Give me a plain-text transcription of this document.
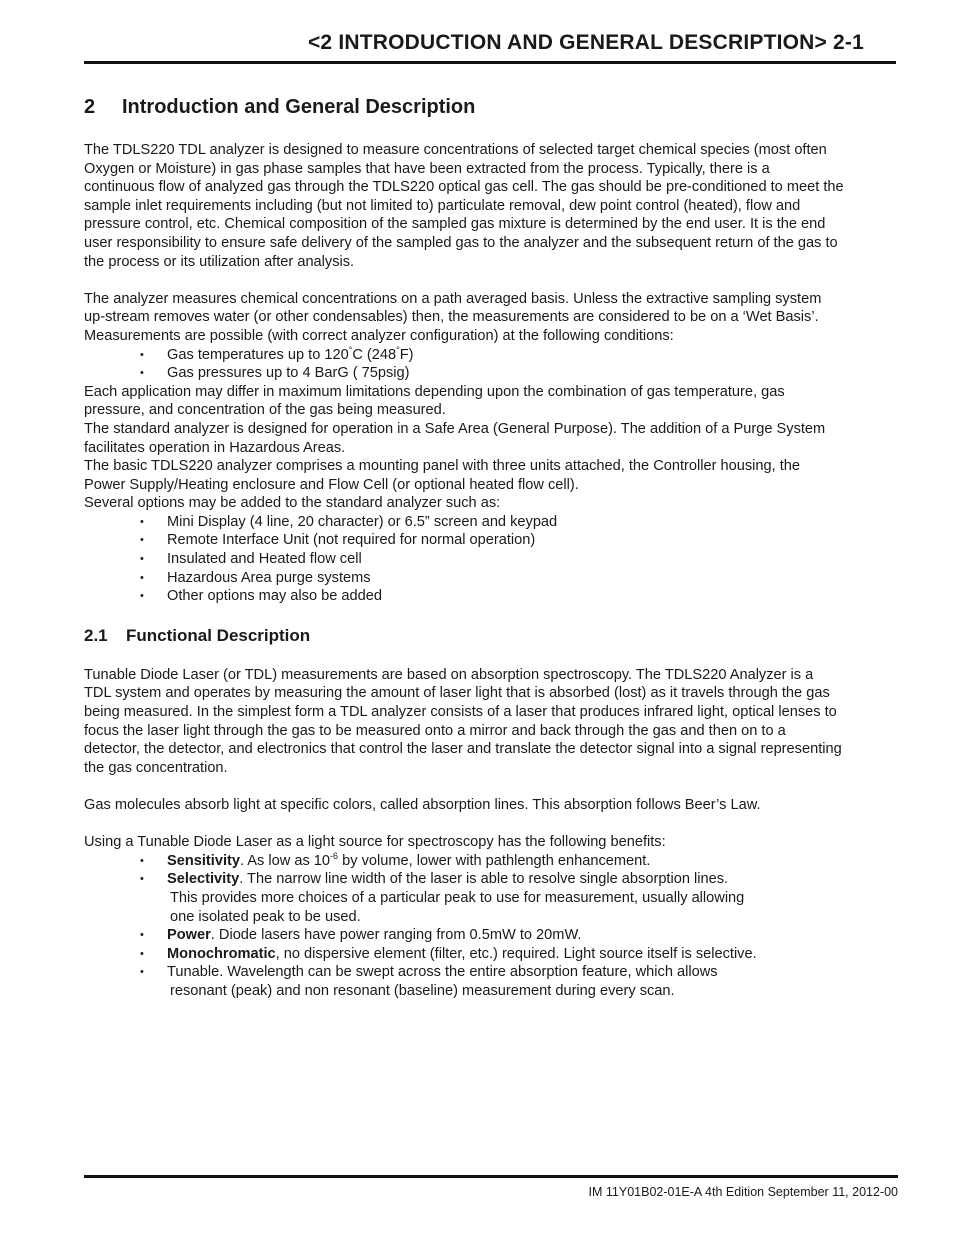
<2 INTRODUCTION AND GENERAL DESCRIPTION> 2-1
2 Introduction and General Description

The TDLS220 TDL analyzer is designed to measure concentrations of selected target chemical species (most often Oxygen or Moisture) in gas phase samples that have been extracted from the process. Typically, there is a continuous flow of analyzed gas through the TDLS220 optical gas cell. The gas should be pre-conditioned to meet the sample inlet requirements including (but not limited to) particulate removal, dew point control (heated), flow and pressure control, etc. Chemical composition of the sampled gas mixture is determined by the end user. It is the end user responsibility to ensure safe delivery of the sampled gas to the analyzer and the subsequent return of the gas to the process or its utilization after analysis.

The analyzer measures chemical concentrations on a path averaged basis. Unless the extractive sampling system up-stream removes water (or other condensables) then, the measurements are considered to be on a ‘Wet Basis’.

Measurements are possible (with correct analyzer configuration) at the following conditions:

• Gas temperatures up to 120°C (248°F)
• Gas pressures up to 4 BarG ( 75psig)

Each application may differ in maximum limitations depending upon the combination of gas temperature, gas pressure, and concentration of the gas being measured.

The standard analyzer is designed for operation in a Safe Area (General Purpose). The addition of a Purge System facilitates operation in Hazardous Areas.

The basic TDLS220 analyzer comprises a mounting panel with three units attached, the Controller housing, the Power Supply/Heating enclosure and Flow Cell (or optional heated flow cell).

Several options may be added to the standard analyzer such as:

• Mini Display (4 line, 20 character) or 6.5” screen and keypad
• Remote Interface Unit (not required for normal operation)
• Insulated and Heated flow cell
• Hazardous Area purge systems
• Other options may also be added
2.1 Functional Description

Tunable Diode Laser (or TDL) measurements are based on absorption spectroscopy. The TDLS220 Analyzer is a TDL system and operates by measuring the amount of laser light that is absorbed (lost) as it travels through the gas being measured. In the simplest form a TDL analyzer consists of a laser that produces infrared light, optical lenses to focus the laser light through the gas to be measured onto a mirror and back through the gas and then on to a detector, the detector, and electronics that control the laser and translate the detector signal into a signal representing the gas concentration.

Gas molecules absorb light at specific colors, called absorption lines. This absorption follows Beer’s Law.

Using a Tunable Diode Laser as a light source for spectroscopy has the following benefits:

• Sensitivity. As low as $10^{-6}$ by volume, lower with pathlength enhancement.
• Selectivity. The narrow line width of the laser is able to resolve single absorption lines.
This provides more choices of a particular peak to use for measurement, usually allowing
one isolated peak to be used.
• Power. Diode lasers have power ranging from 0.5mW to 20mW.
• Monochromatic, no dispersive element (filter, etc.) required. Light source itself is selective.
• Tunable. Wavelength can be swept across the entire absorption feature, which allows
resonant (peak) and non resonant (baseline) measurement during every scan.
IM 11Y01B02-01E-A 4th Edition September 11, 2012-00
